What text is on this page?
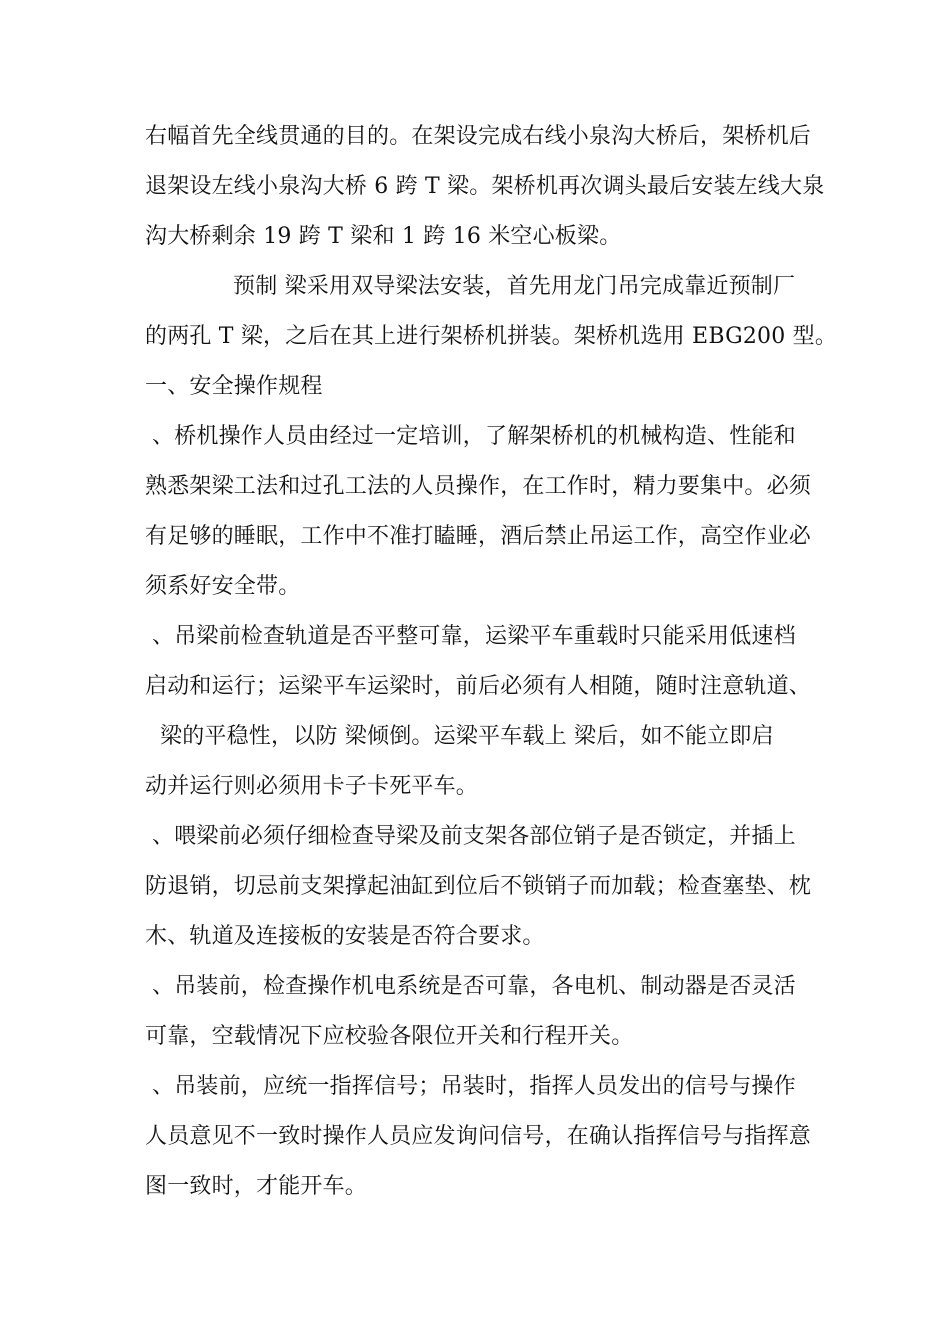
右幅首先全线贯通的目的。在架设完成右线小泉沟大桥后，架桥机后
退架设左线小泉沟大桥 6 跨 T 梁。架桥机再次调头最后安装左线大泉
沟大桥剩余 19 跨 T 梁和 1 跨 16 米空心板梁。
预制 梁采用双导梁法安装，首先用龙门吊完成靠近预制厂
的两孔 T 梁，之后在其上进行架桥机拼装。架桥机选用 EBG200 型。
一、安全操作规程
、桥机操作人员由经过一定培训，了解架桥机的机械构造、性能和
熟悉架梁工法和过孔工法的人员操作，在工作时，精力要集中。必须
有足够的睡眠，工作中不准打瞌睡，酒后禁止吊运工作，高空作业必
须系好安全带。
、吊梁前检查轨道是否平整可靠，运梁平车重载时只能采用低速档
启动和运行；运梁平车运梁时，前后必须有人相随，随时注意轨道、
梁的平稳性，以防 梁倾倒。运梁平车载上 梁后，如不能立即启
动并运行则必须用卡子卡死平车。
、喂梁前必须仔细检查导梁及前支架各部位销子是否锁定，并插上
防退销，切忌前支架撑起油缸到位后不锁销子而加载；检查塞垫、枕
木、轨道及连接板的安装是否符合要求。
、吊装前，检查操作机电系统是否可靠，各电机、制动器是否灵活
可靠，空载情况下应校验各限位开关和行程开关。
、吊装前，应统一指挥信号；吊装时，指挥人员发出的信号与操作
人员意见不一致时操作人员应发询问信号，在确认指挥信号与指挥意
图一致时，才能开车。
